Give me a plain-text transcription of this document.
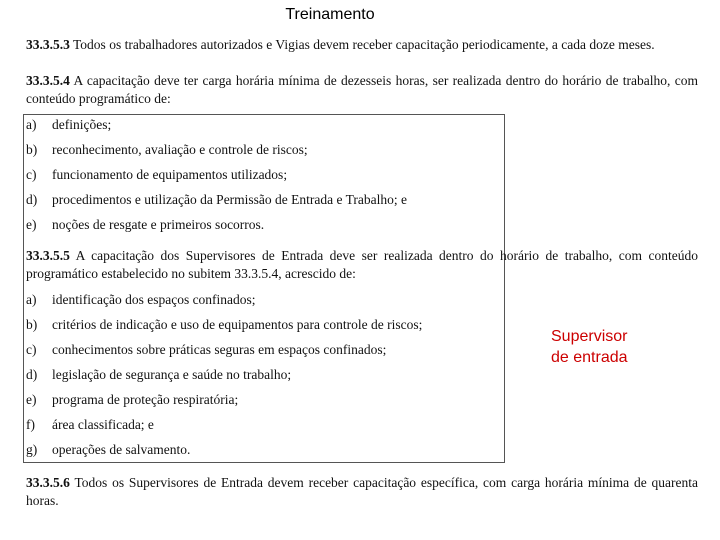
Treinamento
33.3.5.3 Todos os trabalhadores autorizados e Vigias devem receber capacitação periodicamente, a cada doze meses.
33.3.5.4 A capacitação deve ter carga horária mínima de dezesseis horas, ser realizada dentro do horário de trabalho, com conteúdo programático de:
a) definições;
b) reconhecimento, avaliação e controle de riscos;
c) funcionamento de equipamentos utilizados;
d) procedimentos e utilização da Permissão de Entrada e Trabalho; e
e) noções de resgate e primeiros socorros.
33.3.5.5 A capacitação dos Supervisores de Entrada deve ser realizada dentro do horário de trabalho, com conteúdo programático estabelecido no subitem 33.3.5.4, acrescido de:
a) identificação dos espaços confinados;
b) critérios de indicação e uso de equipamentos para controle de riscos;
c) conhecimentos sobre práticas seguras em espaços confinados;
d) legislação de segurança e saúde no trabalho;
e) programa de proteção respiratória;
f) área classificada; e
g) operações de salvamento.
33.3.5.6 Todos os Supervisores de Entrada devem receber capacitação específica, com carga horária mínima de quarenta horas.
Supervisor
de entrada
